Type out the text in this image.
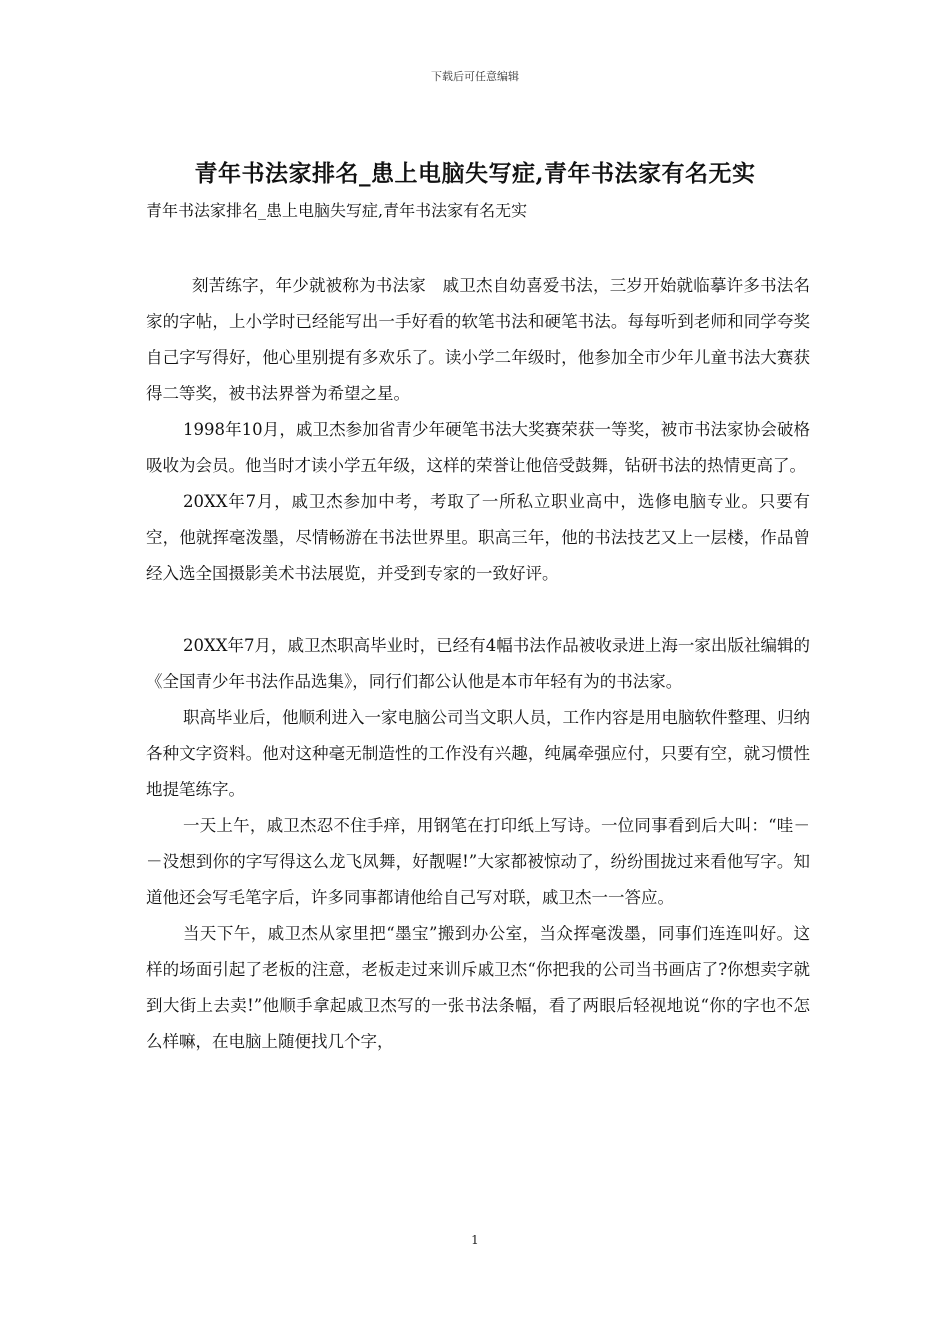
下载后可任意编辑
青年书法家排名_患上电脑失写症,青年书法家有名无实

青年书法家排名_患上电脑失写症,青年书法家有名无实

刻苦练字，年少就被称为书法家　戚卫杰自幼喜爱书法，三岁开始就临摹许多书法名家的字帖，上小学时已经能写出一手好看的软笔书法和硬笔书法。每每听到老师和同学夸奖自己字写得好，他心里别提有多欢乐了。读小学二年级时，他参加全市少年儿童书法大赛获得二等奖，被书法界誉为希望之星。

1998年10月，戚卫杰参加省青少年硬笔书法大奖赛荣获一等奖，被市书法家协会破格吸收为会员。他当时才读小学五年级，这样的荣誉让他倍受鼓舞，钻研书法的热情更高了。

20XX年7月，戚卫杰参加中考，考取了一所私立职业高中，选修电脑专业。只要有空，他就挥毫泼墨，尽情畅游在书法世界里。职高三年，他的书法技艺又上一层楼，作品曾经入选全国摄影美术书法展览，并受到专家的一致好评。

20XX年7月，戚卫杰职高毕业时，已经有4幅书法作品被收录进上海一家出版社编辑的《全国青少年书法作品选集》，同行们都公认他是本市年轻有为的书法家。

职高毕业后，他顺利进入一家电脑公司当文职人员，工作内容是用电脑软件整理、归纳各种文字资料。他对这种毫无制造性的工作没有兴趣，纯属牵强应付，只要有空，就习惯性地提笔练字。

一天上午，戚卫杰忍不住手痒，用钢笔在打印纸上写诗。一位同事看到后大叫：“哇－－没想到你的字写得这么龙飞凤舞，好靓喔!”大家都被惊动了，纷纷围拢过来看他写字。知道他还会写毛笔字后，许多同事都请他给自己写对联，戚卫杰一一答应。

当天下午，戚卫杰从家里把“墨宝”搬到办公室，当众挥毫泼墨，同事们连连叫好。这样的场面引起了老板的注意，老板走过来训斥戚卫杰“你把我的公司当书画店了?你想卖字就到大街上去卖!”他顺手拿起戚卫杰写的一张书法条幅，看了两眼后轻视地说“你的字也不怎么样嘛，在电脑上随便找几个字，

1
